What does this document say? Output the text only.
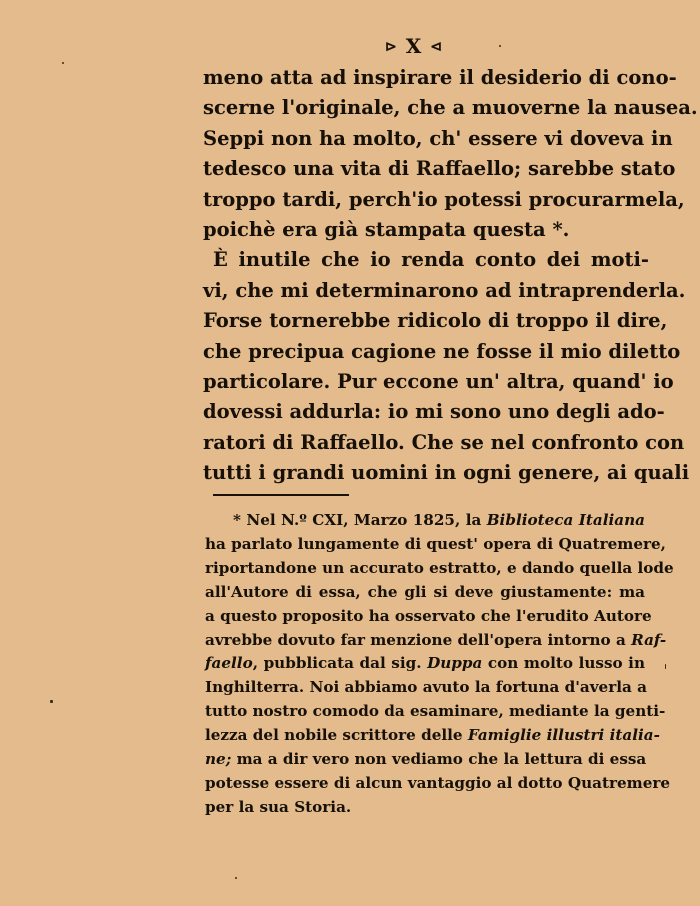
⊳ X ⊲
meno atta ad inspirare il desiderio di cono-
scerne l'originale, che a muoverne la nausea.
Seppi non ha molto, ch' essere vi doveva in
tedesco una vita di Raffaello; sarebbe stato
troppo tardi, perch'io potessi procurarmela,
poichè era già stampata questa *.
È inutile che io renda conto dei moti-
vi, che mi determinarono ad intraprenderla.
Forse tornerebbe ridicolo di troppo il dire,
che precipua cagione ne fosse il mio diletto
particolare. Pur eccone un' altra, quand' io
dovessi addurla: io mi sono uno degli ado-
ratori di Raffaello. Che se nel confronto con
tutti i grandi uomini in ogni genere, ai quali
* Nel N.º CXI, Marzo 1825, la Biblioteca Italiana
ha parlato lungamente di quest' opera di Quatremere,
riportandone un accurato estratto, e dando quella lode
all'Autore di essa, che gli si deve giustamente: ma
a questo proposito ha osservato che l'erudito Autore
avrebbe dovuto far menzione dell'opera intorno a Raf-
faello, pubblicata dal sig. Duppa con molto lusso in
Inghilterra. Noi abbiamo avuto la fortuna d'averla a
tutto nostro comodo da esaminare, mediante la genti-
lezza del nobile scrittore delle Famiglie illustri italia-
ne; ma a dir vero non vediamo che la lettura di essa
potesse essere di alcun vantaggio al dotto Quatremere
per la sua Storia.
